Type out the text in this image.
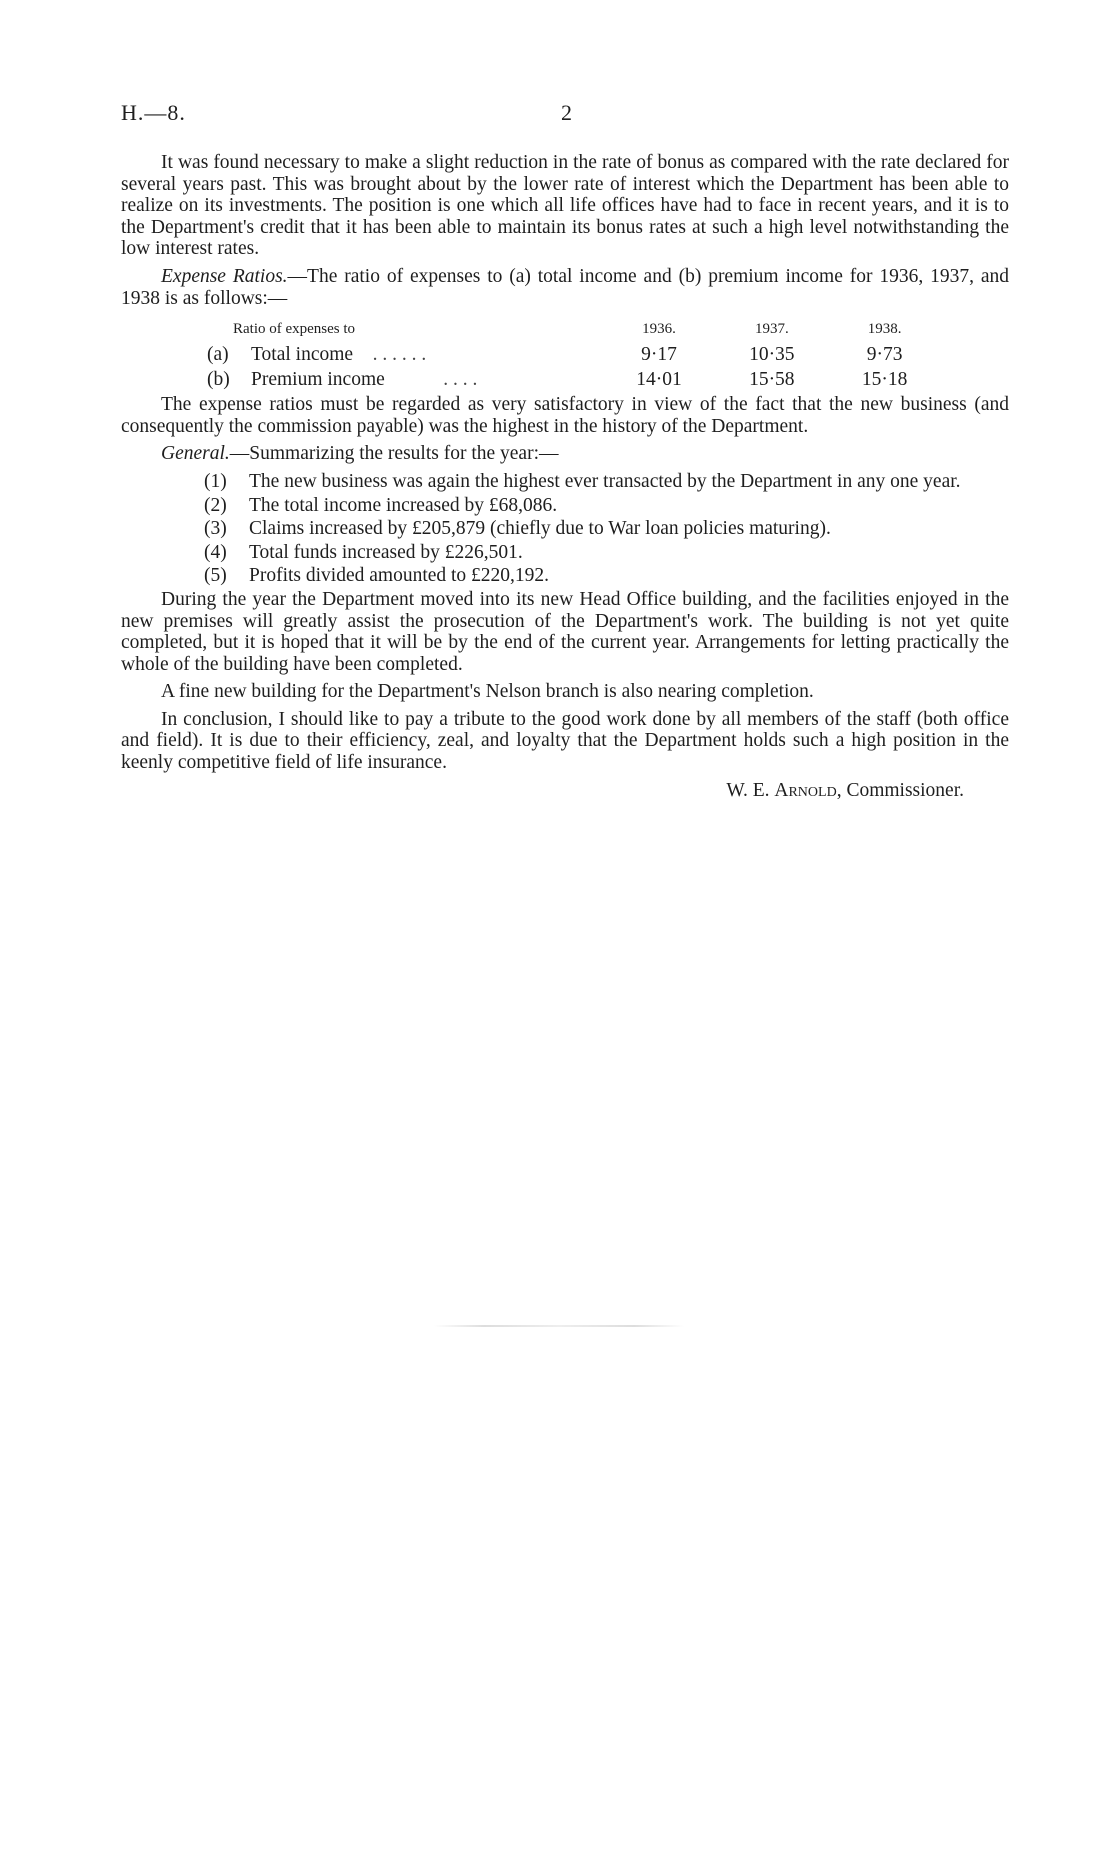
H.—8.	2

It was found necessary to make a slight reduction in the rate of bonus as compared with the rate declared for several years past. This was brought about by the lower rate of interest which the Department has been able to realize on its investments. The position is one which all life offices have had to face in recent years, and it is to the Department's credit that it has been able to maintain its bonus rates at such a high level notwithstanding the low interest rates.

Expense Ratios.—The ratio of expenses to (a) total income and (b) premium income for 1936, 1937, and 1938 is as follows:—

Ratio of expenses to	1936.	1937.	1938.
(a) Total income . . . . . .	9·17	10·35	9·73
(b) Premium income . . . .	14·01	15·58	15·18

The expense ratios must be regarded as very satisfactory in view of the fact that the new business (and consequently the commission payable) was the highest in the history of the Department.

General.—Summarizing the results for the year:—

(1) The new business was again the highest ever transacted by the Department in any one year.
(2) The total income increased by £68,086.
(3) Claims increased by £205,879 (chiefly due to War loan policies maturing).
(4) Total funds increased by £226,501.
(5) Profits divided amounted to £220,192.

During the year the Department moved into its new Head Office building, and the facilities enjoyed in the new premises will greatly assist the prosecution of the Department's work. The building is not yet quite completed, but it is hoped that it will be by the end of the current year. Arrangements for letting practically the whole of the building have been completed.

A fine new building for the Department's Nelson branch is also nearing completion.

In conclusion, I should like to pay a tribute to the good work done by all members of the staff (both office and field). It is due to their efficiency, zeal, and loyalty that the Department holds such a high position in the keenly competitive field of life insurance.

W. E. Arnold, Commissioner.
